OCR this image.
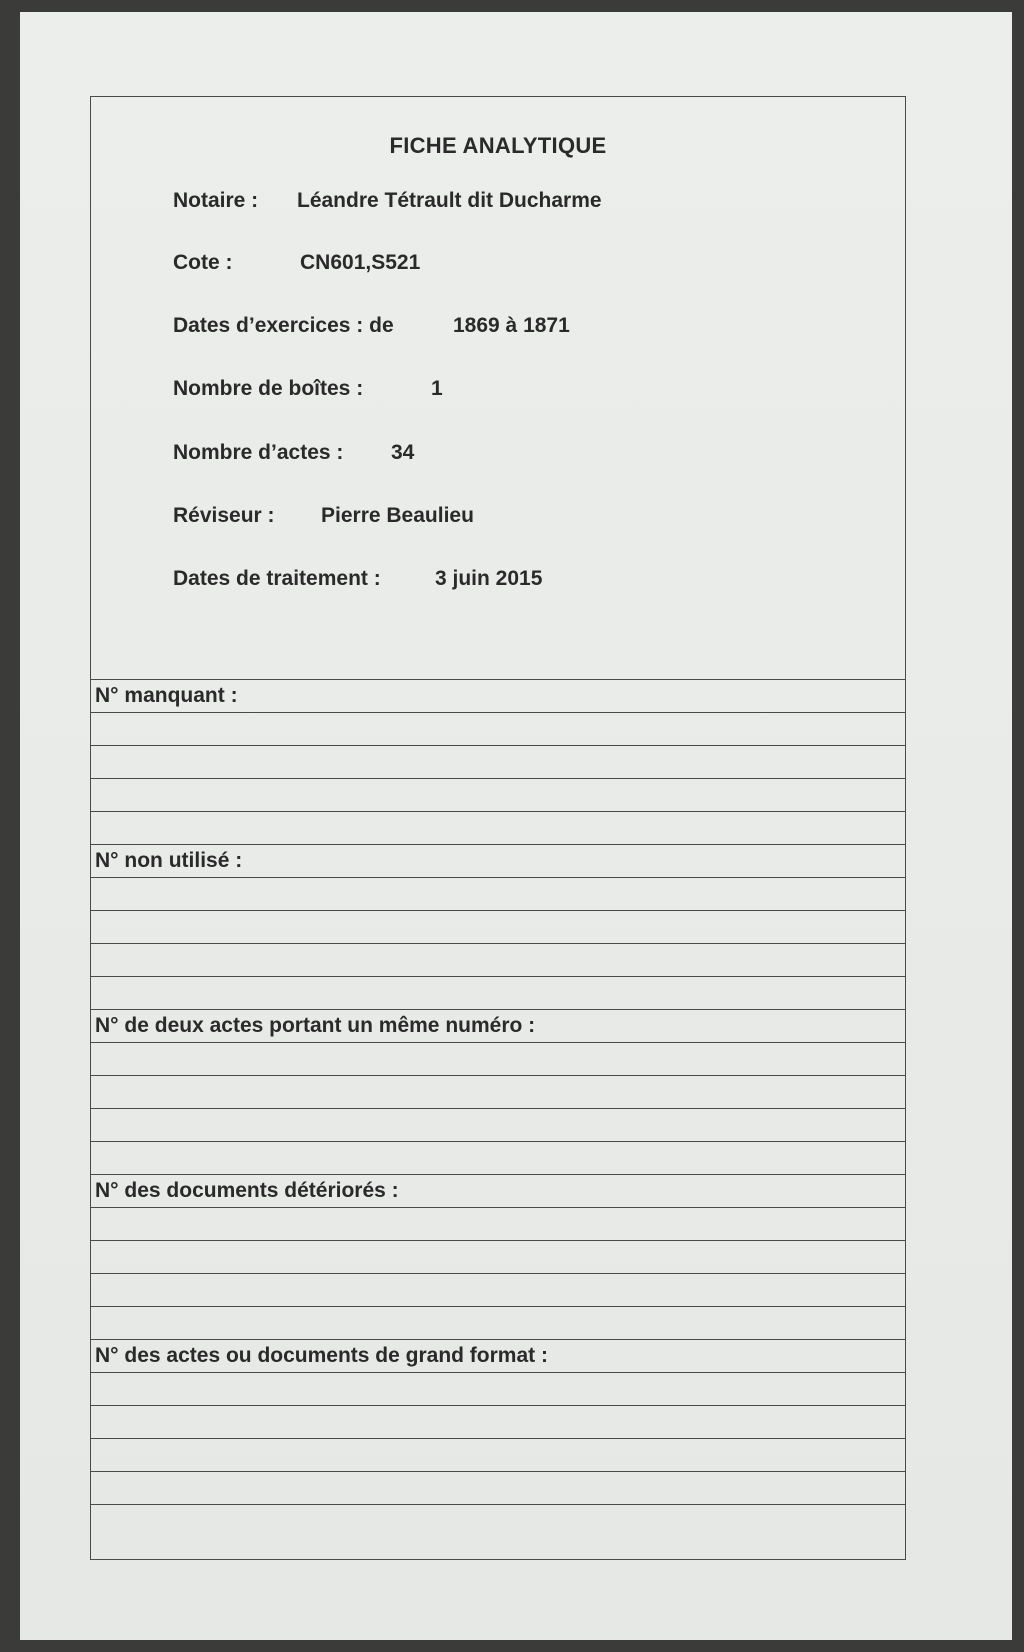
FICHE ANALYTIQUE
Notaire : Léandre Tétrault dit Ducharme
Cote :	CN601,S521
Dates d’exercices : de	1869 à 1871
Nombre de boîtes :	1
Nombre d’actes : 34
Réviseur : Pierre Beaulieu
Dates de traitement :	3 juin 2015
N° manquant :
N° non utilisé :
N° de deux actes portant un même numéro :
N° des documents détériorés :
N° des actes ou documents de grand format :
